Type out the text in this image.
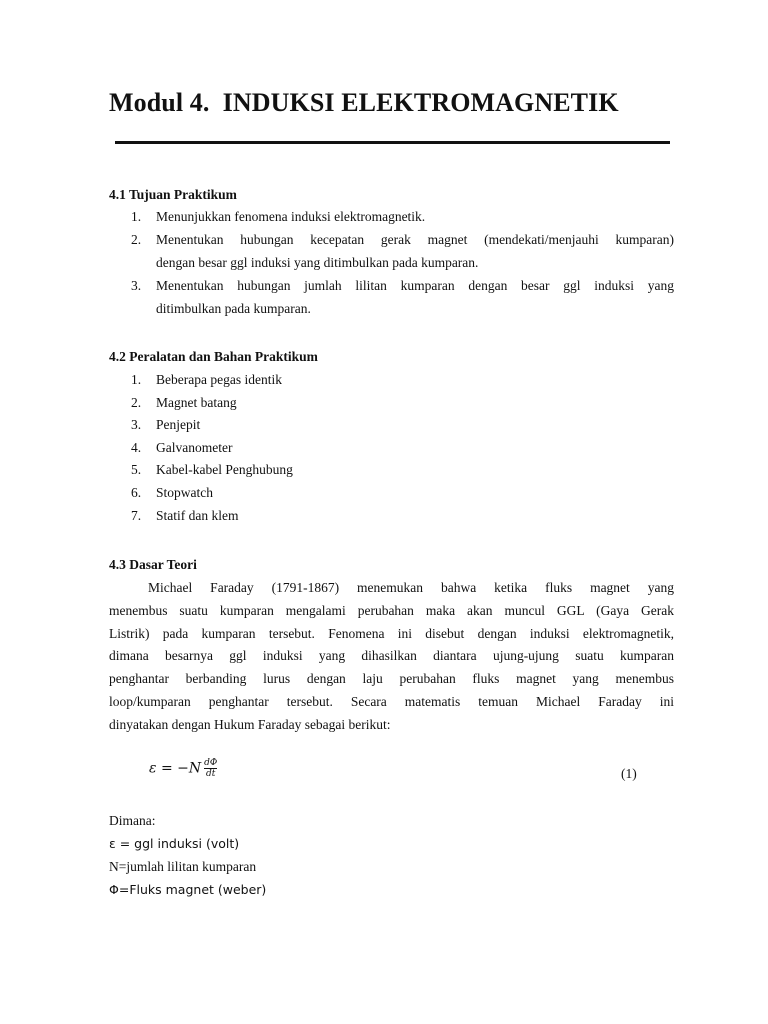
Modul 4.  INDUKSI ELEKTROMAGNETIK
4.1 Tujuan Praktikum
1. Menunjukkan fenomena induksi elektromagnetik.
2. Menentukan hubungan kecepatan gerak magnet (mendekati/menjauhi kumparan)
dengan besar ggl induksi yang ditimbulkan pada kumparan.
3. Menentukan hubungan jumlah lilitan kumparan dengan besar ggl induksi yang
ditimbulkan pada kumparan.
4.2 Peralatan dan Bahan Praktikum
1. Beberapa pegas identik
2. Magnet batang
3. Penjepit
4. Galvanometer
5. Kabel-kabel Penghubung
6. Stopwatch
7. Statif dan klem
4.3 Dasar Teori
Michael Faraday (1791-1867) menemukan bahwa ketika fluks magnet yang
menembus suatu kumparan mengalami perubahan maka akan muncul GGL (Gaya Gerak
Listrik) pada kumparan tersebut. Fenomena ini disebut dengan induksi elektromagnetik,
dimana besarnya ggl induksi yang dihasilkan diantara ujung-ujung suatu kumparan
penghantar berbanding lurus dengan laju perubahan fluks magnet yang menembus
loop/kumparan penghantar tersebut. Secara matematis temuan Michael Faraday ini
dinyatakan dengan Hukum Faraday sebagai berikut:
$\varepsilon = -N \frac{d\Phi}{dt}$	(1)
Dimana:
ε = ggl induksi (volt)
N=jumlah lilitan kumparan
Φ=Fluks magnet (weber)
